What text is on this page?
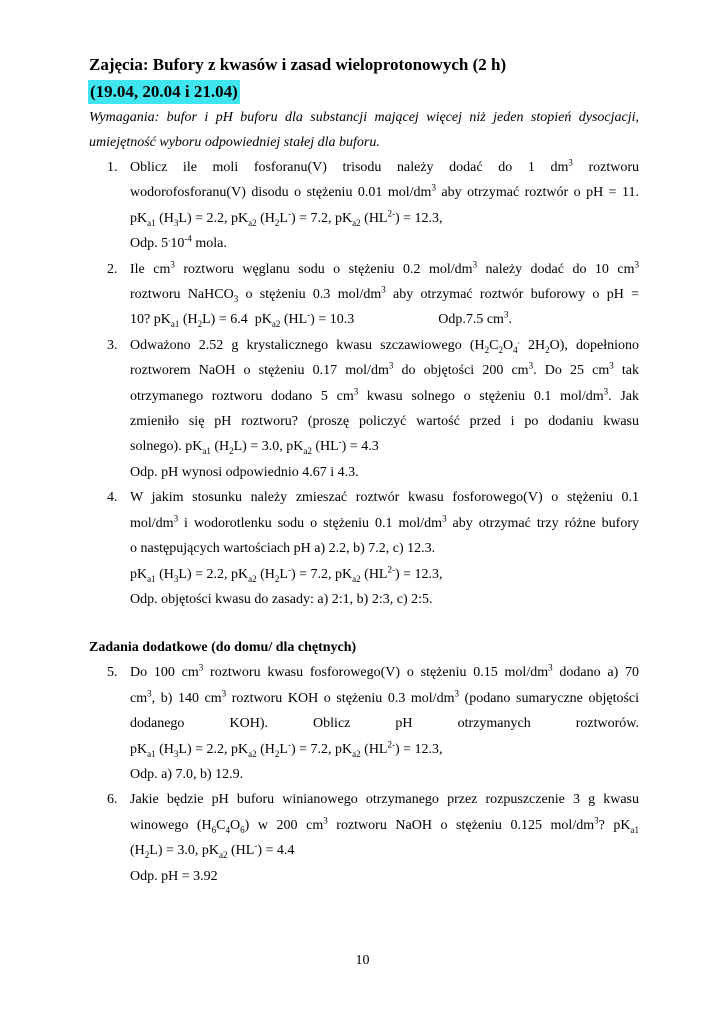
Zajęcia: Bufory z kwasów i zasad wieloprotonowych (2 h)
(19.04, 20.04 i 21.04)
Wymagania: bufor i pH buforu dla substancji mającej więcej niż jeden stopień dysocjacji,
umiejętność wyboru odpowiedniej stałej dla buforu.
1. Oblicz ile moli fosforanu(V) trisodu należy dodać do 1 $dm^3$ roztworu
wodorofosforanu(V) disodu o stężeniu 0.01 mol/$dm^3$ aby otrzymać roztwór o pH = 11.
$pK_{a1}$ $(H_3L) = 2.2$, $pK_{a2}$ $(H_2L^-) = 7.2$, $pK_{a2}$ $(HL^{2-}) = 12.3$,
Odp. $5^.10^{-4}$ mola.
2. Ile $cm^3$ roztworu węglanu sodu o stężeniu 0.2 mol/$dm^3$ należy dodać do 10 $cm^3$
roztworu NaHCO$_3$ o stężeniu 0.3 mol/$dm^3$ aby otrzymać roztwór buforowy o pH =
10? $pK_{a1}$ $(H_2L) = 6.4$  $pK_{a2}$ (HL-) = 10.3                        Odp.7.5 $cm^3$.
3. Odważono 2.52 g krystalicznego kwasu szczawiowego ($H_2C_2O_4^.$ $2H_2O$), dopełniono
roztworem NaOH o stężeniu 0.17 mol/$dm^3$ do objętości 200 $cm^3$. Do 25 $cm^3$ tak
otrzymanego roztworu dodano 5 $cm^3$ kwasu solnego o stężeniu 0.1 mol/$dm^3$. Jak
zmieniło się pH roztworu? (proszę policzyć wartość przed i po dodaniu kwasu
solnego). $pK_{a1}$ $(H_2L) = 3.0$, $pK_{a2}$ (HL-) = 4.3
Odp. pH wynosi odpowiednio 4.67 i 4.3.
4. W jakim stosunku należy zmieszać roztwór kwasu fosforowego(V) o stężeniu 0.1
mol/$dm^3$ i wodorotlenku sodu o stężeniu 0.1 mol/$dm^3$ aby otrzymać trzy różne bufory
o następujących wartościach pH a) 2.2, b) 7.2, c) 12.3.
$pK_{a1}$ $(H_3L) = 2.2$, $pK_{a2}$ $(H_2L^-) = 7.2$, $pK_{a2}$ $(HL^{2-}) = 12.3$,
Odp. objętości kwasu do zasady: a) 2:1, b) 2:3, c) 2:5.
Zadania dodatkowe (do domu/ dla chętnych)
5. Do 100 $cm^3$ roztworu kwasu fosforowego(V) o stężeniu 0.15 mol/$dm^3$ dodano a) 70
$cm^3$, b) 140 $cm^3$ roztworu KOH o stężeniu 0.3 mol/$dm^3$ (podano sumaryczne objętości
dodanego KOH). Oblicz pH otrzymanych roztworów.
$pK_{a1}$ $(H_3L) = 2.2$, $pK_{a2}$ $(H_2L^-) = 7.2$, $pK_{a2}$ $(HL^{2-}) = 12.3$,
Odp. a) 7.0, b) 12.9.
6. Jakie będzie pH buforu winianowego otrzymanego przez rozpuszczenie 3 g kwasu
winowego $(H_6C_4O_6)$ w 200 $cm^3$ roztworu NaOH o stężeniu 0.125 mol/$dm^3$? $pK_{a1}$
$(H_2L) = 3.0$, $pK_{a2}$ (HL-) = 4.4
Odp. pH = 3.92
10
